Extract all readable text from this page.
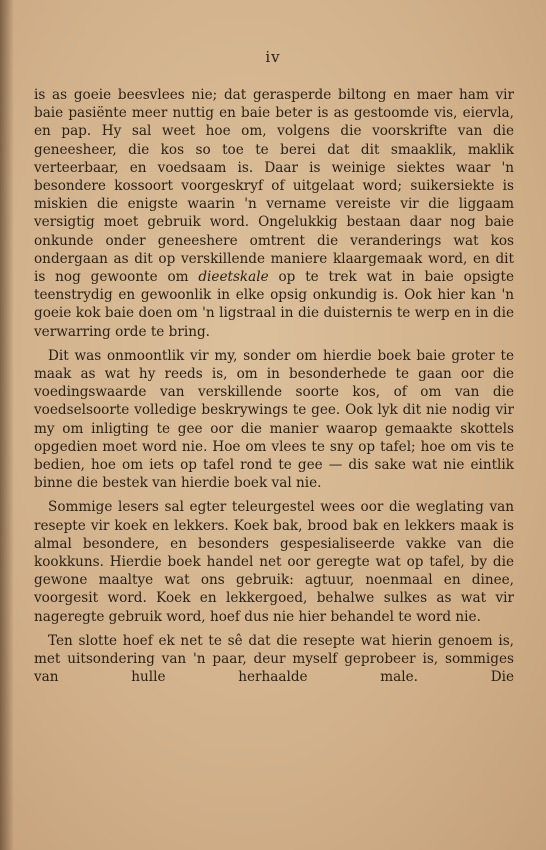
iv

is as goeie beesvlees nie; dat gerasperde biltong en maer ham vir baie pasiënte meer nuttig en baie beter is as gestoomde vis, eiervla, en pap. Hy sal weet hoe om, volgens die voorskrifte van die geneesheer, die kos so toe te berei dat dit smaaklik, maklik verteerbaar, en voedsaam is. Daar is weinige siektes waar 'n besondere kossoort voorgeskryf of uitgelaat word; suikersiekte is miskien die enigste waarin 'n vername vereiste vir die liggaam versigtig moet gebruik word. Ongelukkig bestaan daar nog baie onkunde onder geneeshere omtrent die veranderings wat kos ondergaan as dit op verskillende maniere klaargemaak word, en dit is nog gewoonte om dieetskale op te trek wat in baie opsigte teenstrydig en gewoonlik in elke opsig onkundig is. Ook hier kan 'n goeie kok baie doen om 'n ligstraal in die duisternis te werp en in die verwarring orde te bring.

Dit was onmoontlik vir my, sonder om hierdie boek baie groter te maak as wat hy reeds is, om in besonderhede te gaan oor die voedingswaarde van verskillende soorte kos, of om van die voedselsoorte volledige beskrywings te gee. Ook lyk dit nie nodig vir my om inligting te gee oor die manier waarop gemaakte skottels opgedien moet word nie. Hoe om vlees te sny op tafel; hoe om vis te bedien, hoe om iets op tafel rond te gee — dis sake wat nie eintlik binne die bestek van hierdie boek val nie.

Sommige lesers sal egter teleurgestel wees oor die weglating van resepte vir koek en lekkers. Koek bak, brood bak en lekkers maak is almal besondere, en besonders gespesialiseerde vakke van die kookkuns. Hierdie boek handel net oor geregte wat op tafel, by die gewone maaltye wat ons gebruik: agtuur, noenmaal en dinee, voorgesit word. Koek en lekkergoed, behalwe sulkes as wat vir nageregte gebruik word, hoef dus nie hier behandel te word nie.

Ten slotte hoef ek net te sê dat die resepte wat hierin genoem is, met uitsondering van 'n paar, deur myself geprobeer is, sommiges van hulle herhaalde male. Die
